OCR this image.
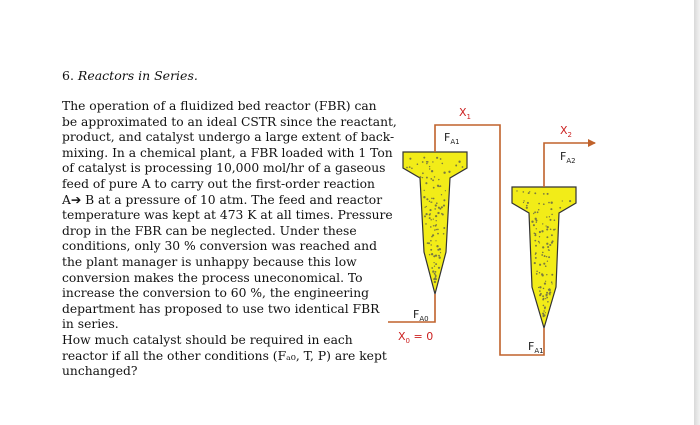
6. Reactors in Series.
The operation of a fluidized bed reactor (FBR) can
be approximated to an ideal CSTR since the reactant,
product, and catalyst undergo a large extent of back-
mixing. In a chemical plant, a FBR loaded with 1 Ton
of catalyst is processing 10,000 mol/hr of a gaseous
feed of pure A to carry out the first-order reaction
A➔ B at a pressure of 10 atm. The feed and reactor
temperature was kept at 473 K at all times. Pressure
drop in the FBR can be neglected. Under these
conditions, only 30 % conversion was reached and
the plant manager is unhappy because this low
conversion makes the process uneconomical. To
increase the conversion to 60 %, the engineering
department has proposed to use two identical FBR
in series.
How much catalyst should be required in each
reactor if all the other conditions (Fₐ₀, T, P) are kept
unchanged?
$X_1$
$X_2$
$F_{A1}$
$F_{A2}$
$F_{A0}$
$X_0 = 0$
$F_{A1}$
